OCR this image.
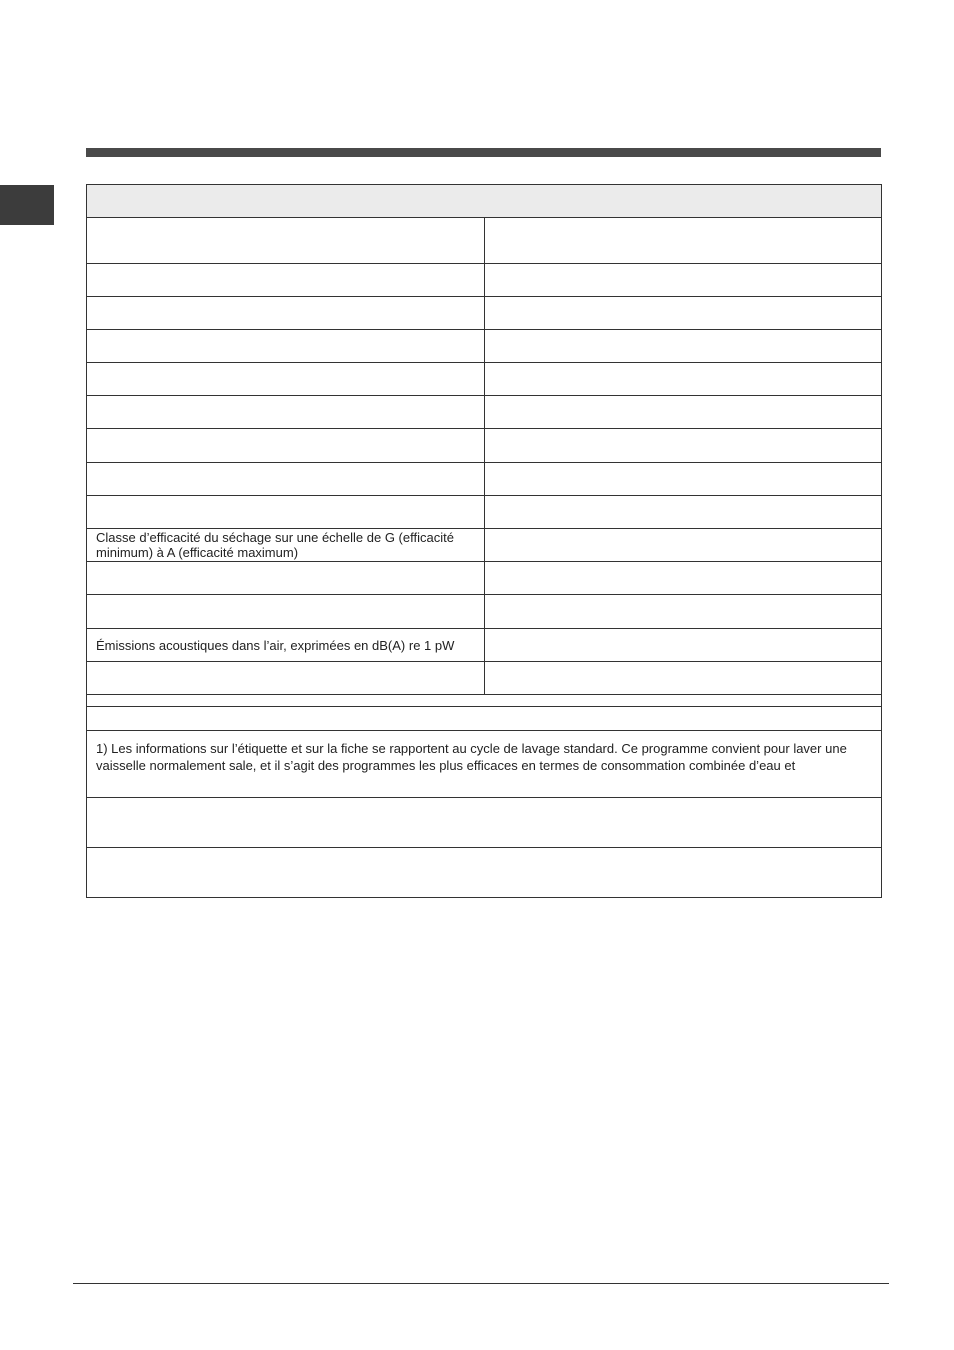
Classe d’efficacité du séchage sur une échelle de G (efficacité minimum) à A (efficacité maximum)	

Émissions acoustiques dans l’air, exprimées en dB(A) re 1 pW	

1) Les informations sur l’étiquette et sur la fiche se rapportent au cycle de lavage standard. Ce programme convient pour laver une vaisselle normalement sale, et il s’agit des programmes les plus efficaces en termes de consommation combinée d’eau et	
